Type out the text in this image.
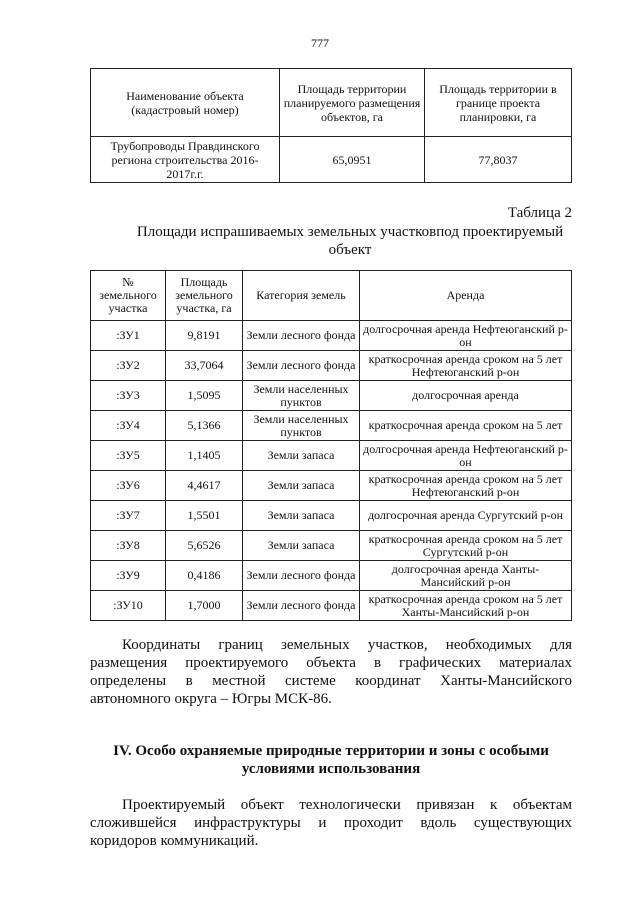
777
Наименование объекта (кадастровый номер)	Площадь территории планируемого размещения объектов, га	Площадь территории в границе проекта планировки, га
Трубопроводы Правдинского региона строительства 2016-2017г.г.	65,0951	77,8037
Таблица 2
Площади испрашиваемых земельных участковпод проектируемый объект
№ земельного участка	Площадь земельного участка, га	Категория земель	Аренда
:ЗУ1	9,8191	Земли лесного фонда	долгосрочная аренда Нефтеюганский р-он
:ЗУ2	33,7064	Земли лесного фонда	краткосрочная аренда сроком на 5 лет Нефтеюганский р-он
:ЗУ3	1,5095	Земли населенных пунктов	долгосрочная аренда
:ЗУ4	5,1366	Земли населенных пунктов	краткосрочная аренда сроком на 5 лет
:ЗУ5	1,1405	Земли запаса	долгосрочная аренда Нефтеюганский р-он
:ЗУ6	4,4617	Земли запаса	краткосрочная аренда сроком на 5 лет Нефтеюганский р-он
:ЗУ7	1,5501	Земли запаса	долгосрочная аренда Сургутский р-он
:ЗУ8	5,6526	Земли запаса	краткосрочная аренда сроком на 5 лет Сургутский р-он
:ЗУ9	0,4186	Земли лесного фонда	долгосрочная аренда Ханты-Мансийский р-он
:ЗУ10	1,7000	Земли лесного фонда	краткосрочная аренда сроком на 5 лет Ханты-Мансийский р-он
Координаты границ земельных участков, необходимых для размещения проектируемого объекта в графических материалах определены в местной системе координат Ханты-Мансийского автономного округа – Югры МСК-86.
IV. Особо охраняемые природные территории и зоны с особыми условиями использования
Проектируемый объект технологически привязан к объектам сложившейся инфраструктуры и проходит вдоль существующих коридоров коммуникаций.
